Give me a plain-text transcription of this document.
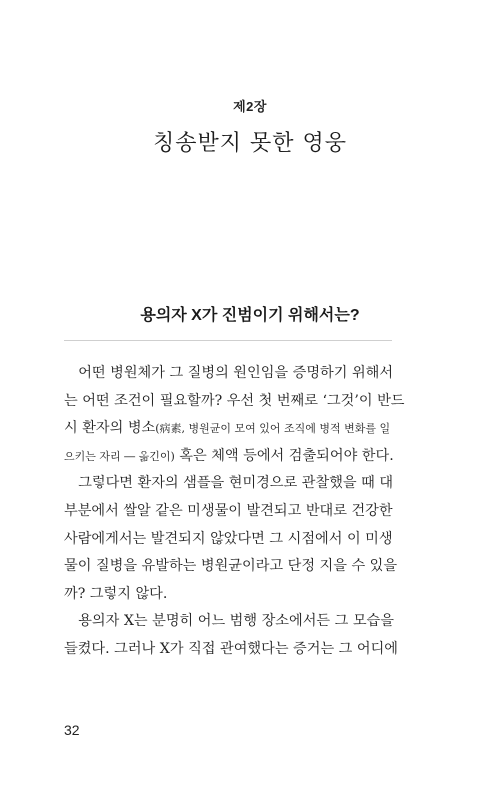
제2장
칭송받지 못한 영웅
용의자 X가 진범이기 위해서는?
　어떤 병원체가 그 질병의 원인임을 증명하기 위해서
는 어떤 조건이 필요할까? 우선 첫 번째로 ‘그것’이 반드
시 환자의 병소(病素, 병원균이 모여 있어 조직에 병적 변화를 일
으키는 자리 ― 옮긴이) 혹은 체액 등에서 검출되어야 한다.
　그렇다면 환자의 샘플을 현미경으로 관찰했을 때 대
부분에서 쌀알 같은 미생물이 발견되고 반대로 건강한
사람에게서는 발견되지 않았다면 그 시점에서 이 미생
물이 질병을 유발하는 병원균이라고 단정 지을 수 있을
까? 그렇지 않다.
　용의자 X는 분명히 어느 범행 장소에서든 그 모습을
들켰다. 그러나 X가 직접 관여했다는 증거는 그 어디에
32
